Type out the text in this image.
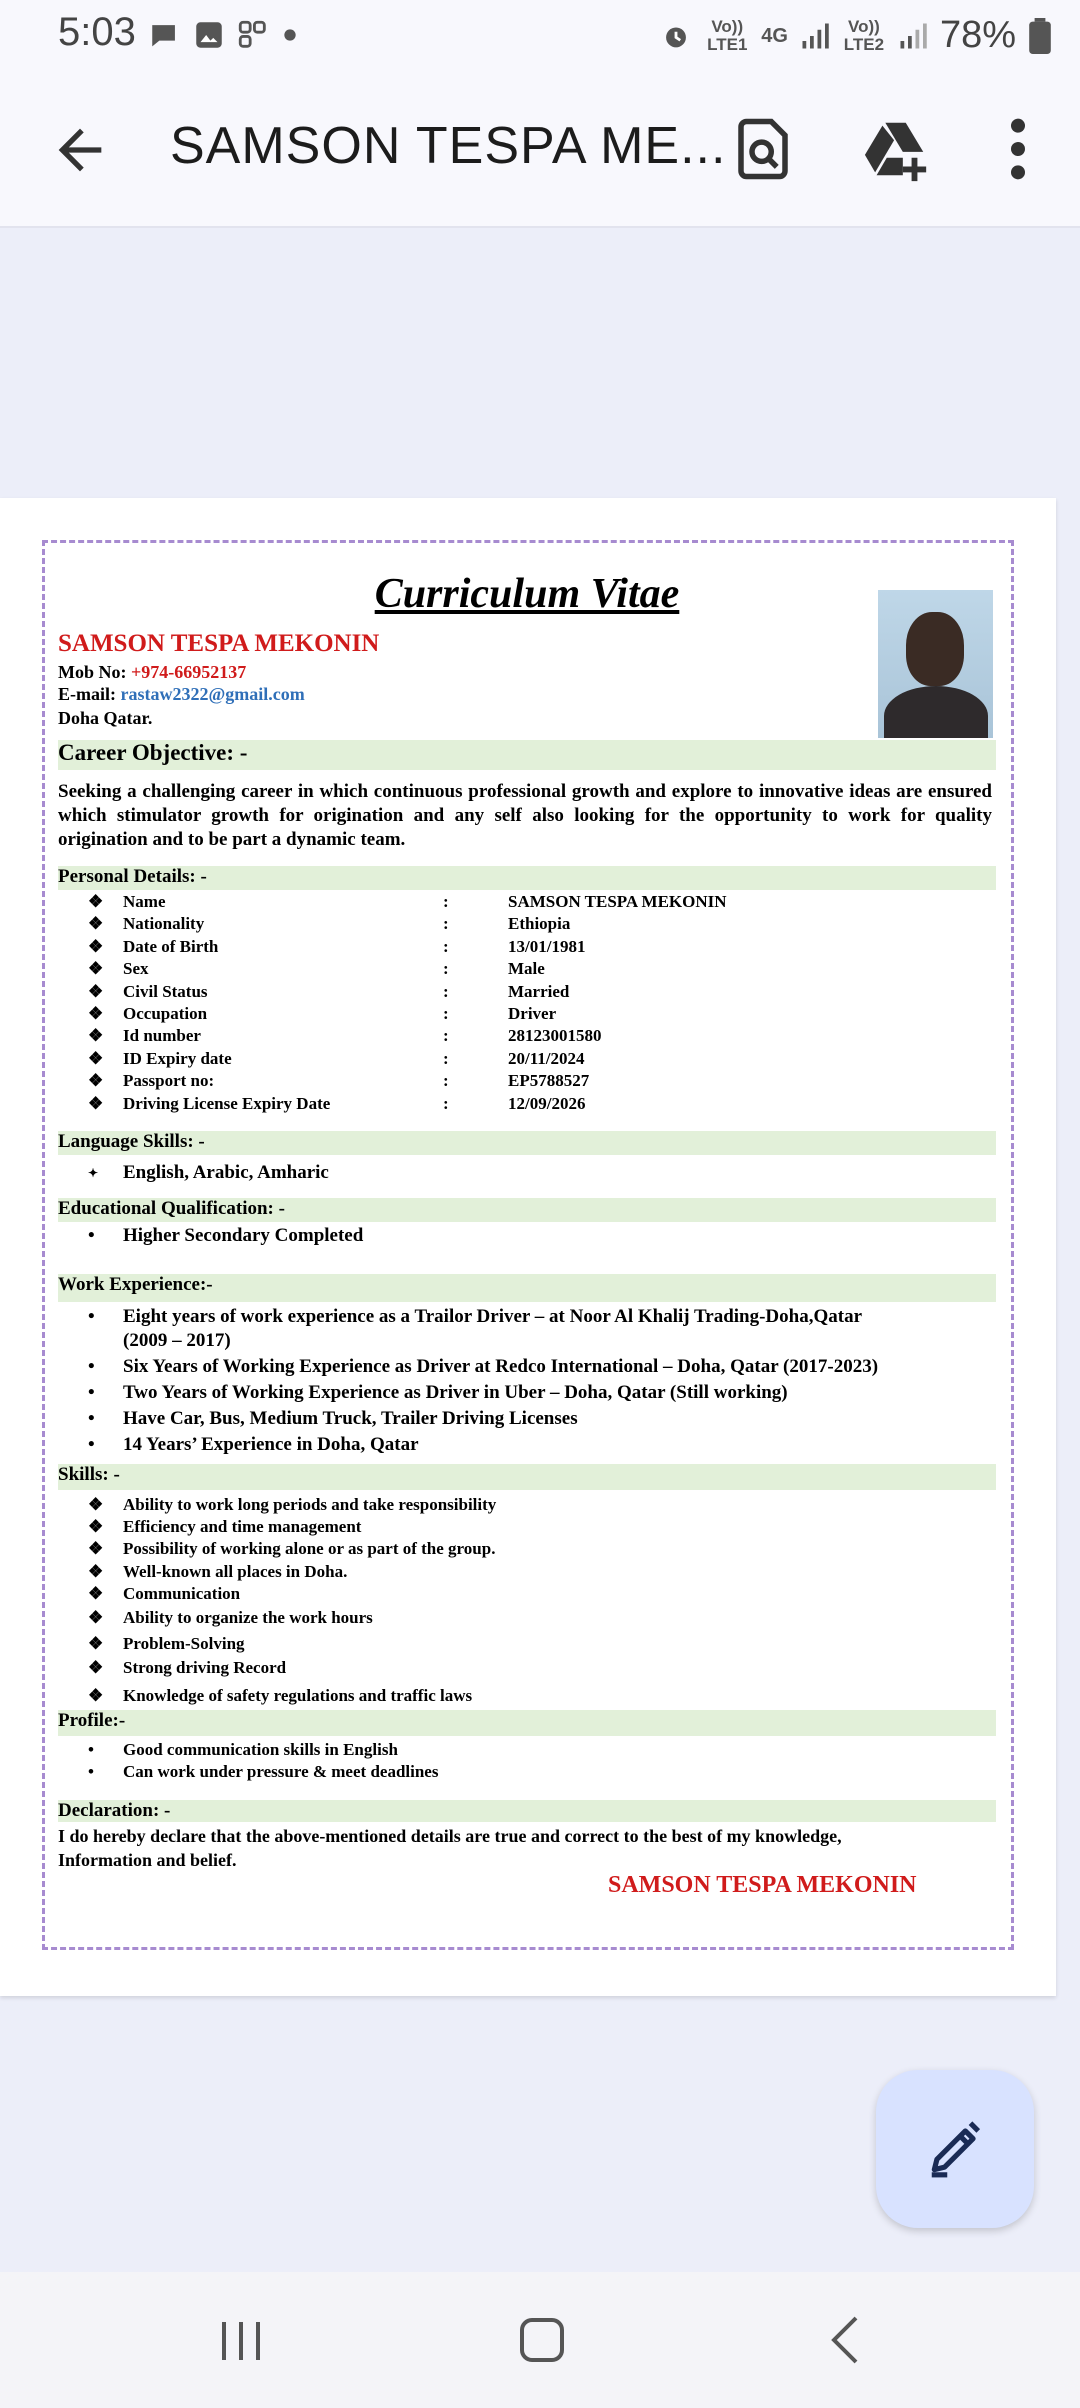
5:03	Vo)) LTE1 4G	Vo)) LTE2 78%
SAMSON TESPA ME...
Curriculum Vitae
SAMSON TESPA MEKONIN
Mob No: +974-66952137
E-mail: rastaw2322@gmail.com
Doha Qatar.
Career Objective: -
Seeking a challenging career in which continuous professional growth and explore to innovative ideas are ensured which stimulator growth for origination and any self also looking for the opportunity to work for quality origination and to be part a dynamic team.
Personal Details: -
❖ Name	:	SAMSON TESPA MEKONIN
❖ Nationality	:	Ethiopia
❖ Date of Birth	:	13/01/1981
❖ Sex	:	Male
❖ Civil Status	:	Married
❖ Occupation	:	Driver
❖ Id number	:	28123001580
❖ ID Expiry date	:	20/11/2024
❖ Passport no:	:	EP5788527
❖ Driving License Expiry Date	:	12/09/2026
Language Skills: -
✦ English, Arabic, Amharic
Educational Qualification: -
• Higher Secondary Completed
Work Experience:-
• Eight years of work experience as a Trailor Driver – at Noor Al Khalij Trading-Doha,Qatar
(2009 – 2017)
• Six Years of Working Experience as Driver at Redco International – Doha, Qatar (2017-2023)
• Two Years of Working Experience as Driver in Uber – Doha, Qatar (Still working)
• Have Car, Bus, Medium Truck, Trailer Driving Licenses
• 14 Years’ Experience in Doha, Qatar
Skills: -
❖ Ability to work long periods and take responsibility
❖ Efficiency and time management
❖ Possibility of working alone or as part of the group.
❖ Well-known all places in Doha.
❖ Communication
❖ Ability to organize the work hours
❖ Problem-Solving
❖ Strong driving Record
❖ Knowledge of safety regulations and traffic laws
Profile:-
• Good communication skills in English
• Can work under pressure & meet deadlines
Declaration: -
I do hereby declare that the above-mentioned details are true and correct to the best of my knowledge,
Information and belief.
SAMSON TESPA MEKONIN
